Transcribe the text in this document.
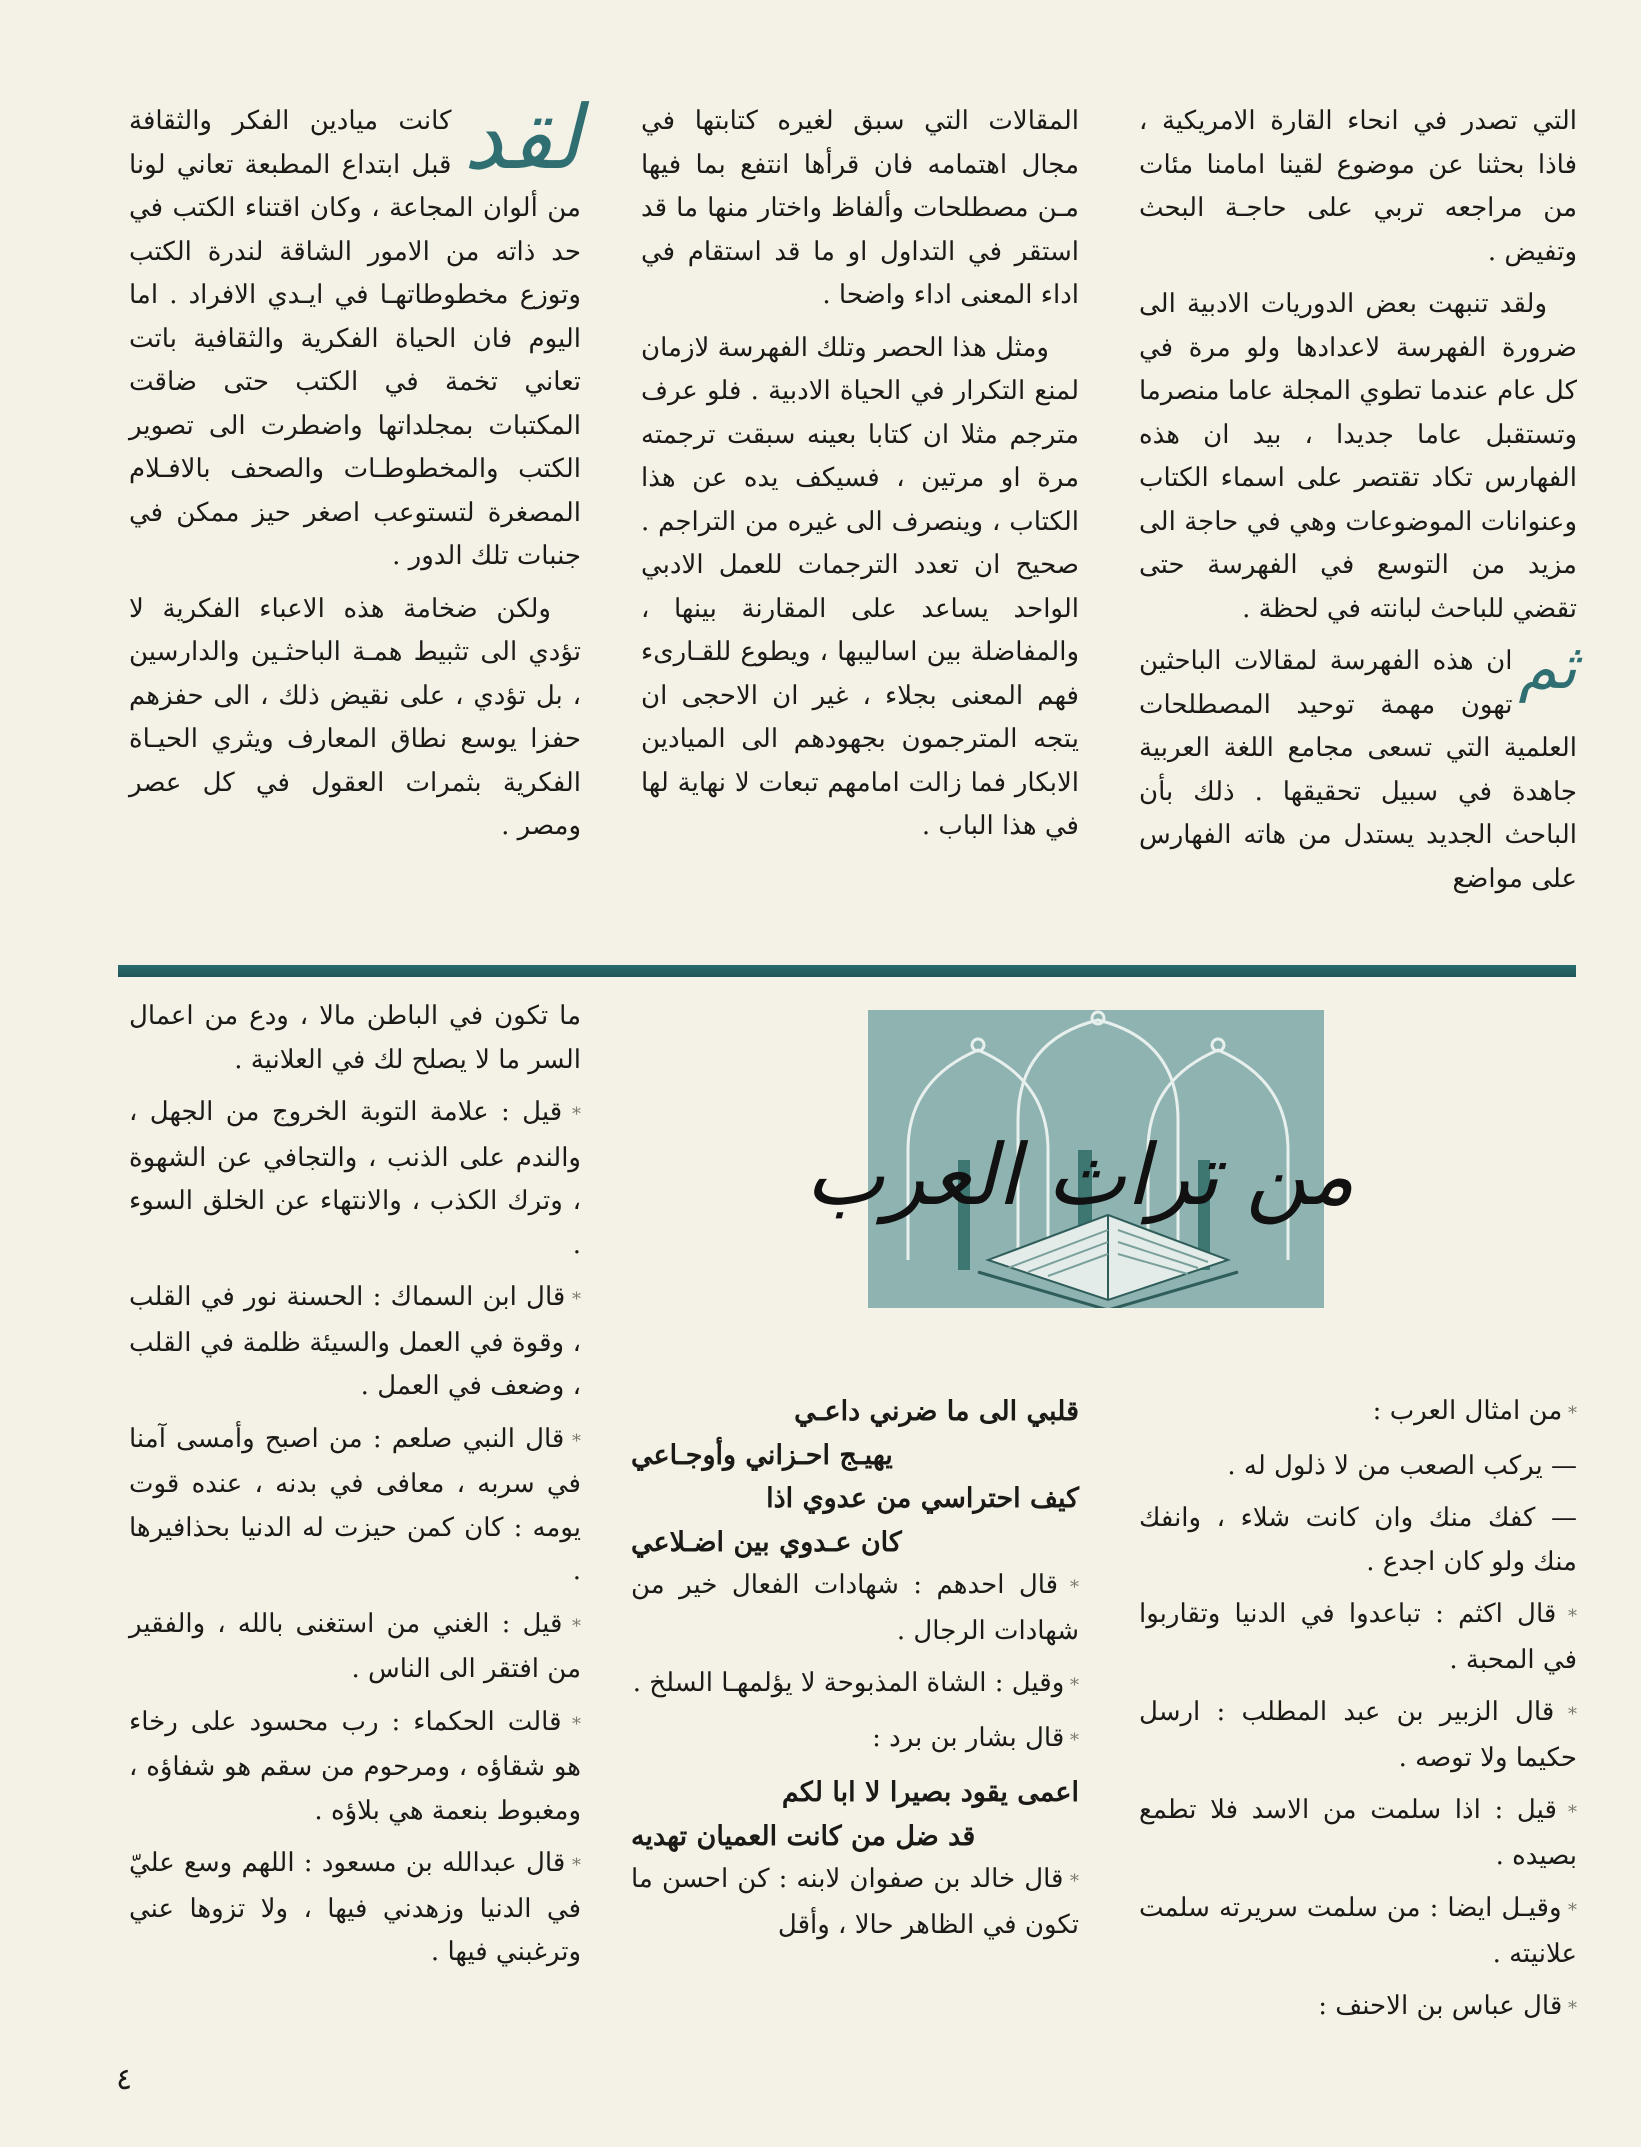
التي تصدر في انحاء القارة الامريكية ، فاذا بحثنا عن موضوع لقينا امامنا مئات من مراجعه تربي على حاجـة البحث وتفيض .

ولقد تنبهت بعض الدوريات الادبية الى ضرورة الفهرسة لاعدادها ولو مرة في كل عام عندما تطوي المجلة عاما منصرما وتستقبل عاما جديدا ، بيد ان هذه الفهارس تكاد تقتصر على اسماء الكتاب وعنوانات الموضوعات وهي في حاجة الى مزيد من التوسع في الفهرسة حتى تقضي للباحث لبانته في لحظة .

ثم
ان هذه الفهرسة لمقالات الباحثين تهون مهمة توحيد المصطلحات العلمية التي تسعى مجامع اللغة العربية جاهدة في سبيل تحقيقها . ذلك بأن الباحث الجديد يستدل من هاته الفهارس على مواضع

المقالات التي سبق لغيره كتابتها في مجال اهتمامه فان قرأها انتفع بما فيها مـن مصطلحات وألفاظ واختار منها ما قد استقر في التداول او ما قد استقام في اداء المعنى اداء واضحا .

ومثل هذا الحصر وتلك الفهرسة لازمان لمنع التكرار في الحياة الادبية . فلو عرف مترجم مثلا ان كتابا بعينه سبقت ترجمته مرة او مرتين ، فسيكف يده عن هذا الكتاب ، وينصرف الى غيره من التراجم . صحيح ان تعدد الترجمات للعمل الادبي الواحد يساعد على المقارنة بينها ، والمفاضلة بين اساليبها ، ويطوع للقـارىء فهم المعنى بجلاء ، غير ان الاحجى ان يتجه المترجمون بجهودهم الى الميادين الابكار فما زالت امامهم تبعات لا نهاية لها في هذا الباب .

لقد
كانت ميادين الفكر والثقافة قبل ابتداع المطبعة تعاني لونا من ألوان المجاعة ، وكان اقتناء الكتب في حد ذاته من الامور الشاقة لندرة الكتب وتوزع مخطوطاتهـا في ايـدي الافراد . اما اليوم فان الحياة الفكرية والثقافية باتت تعاني تخمة في الكتب حتى ضاقت المكتبات بمجلداتها واضطرت الى تصوير الكتب والمخطوطـات والصحف بالافـلام المصغرة لتستوعب اصغر حيز ممكن في جنبات تلك الدور .

ولكن ضخامة هذه الاعباء الفكرية لا تؤدي الى تثبيط همـة الباحثـين والدارسين ، بل تؤدي ، على نقيض ذلك ، الى حفزهم حفزا يوسع نطاق المعارف ويثري الحيـاة الفكرية بثمرات العقول في كل عصر ومصر .

من تراث العرب

* من امثال العرب :

— يركب الصعب من لا ذلول له .

— كفك منك وان كانت شلاء ، وانفك منك ولو كان اجدع .

* قال اكثم : تباعدوا في الدنيا وتقاربوا في المحبة .

* قال الزبير بن عبد المطلب : ارسل حكيما ولا توصه .

* قيل : اذا سلمت من الاسد فلا تطمع بصيده .

* وقيـل ايضا : من سلمت سريرته سلمت علانيته .

* قال عباس بن الاحنف :

قلبي الى ما ضرني داعـي
يهيـج احـزاني وأوجـاعي
كيف احتراسي من عدوي اذا
كان عـدوي بين اضـلاعي

* قال احدهم : شهادات الفعال خير من شهادات الرجال .

* وقيل : الشاة المذبوحة لا يؤلمهـا السلخ .

* قال بشار بن برد :

اعمى يقود بصيرا لا ابا لكم
قد ضل من كانت العميان تهديه

* قال خالد بن صفوان لابنه : كن احسن ما تكون في الظاهر حالا ، وأقل

ما تكون في الباطن مالا ، ودع من اعمال السر ما لا يصلح لك في العلانية .

* قيل : علامة التوبة الخروج من الجهل ، والندم على الذنب ، والتجافي عن الشهوة ، وترك الكذب ، والانتهاء عن الخلق السوء .

* قال ابن السماك : الحسنة نور في القلب ، وقوة في العمل والسيئة ظلمة في القلب ، وضعف في العمل .

* قال النبي صلعم : من اصبح وأمسى آمنا في سربه ، معافى في بدنه ، عنده قوت يومه : كان كمن حيزت له الدنيا بحذافيرها .

* قيل : الغني من استغنى بالله ، والفقير من افتقر الى الناس .

* قالت الحكماء : رب محسود على رخاء هو شقاؤه ، ومرحوم من سقم هو شفاؤه ، ومغبوط بنعمة هي بلاؤه .

* قال عبدالله بن مسعود : اللهم وسع عليّ في الدنيا وزهدني فيها ، ولا تزوها عني وترغبني فيها .

٤
